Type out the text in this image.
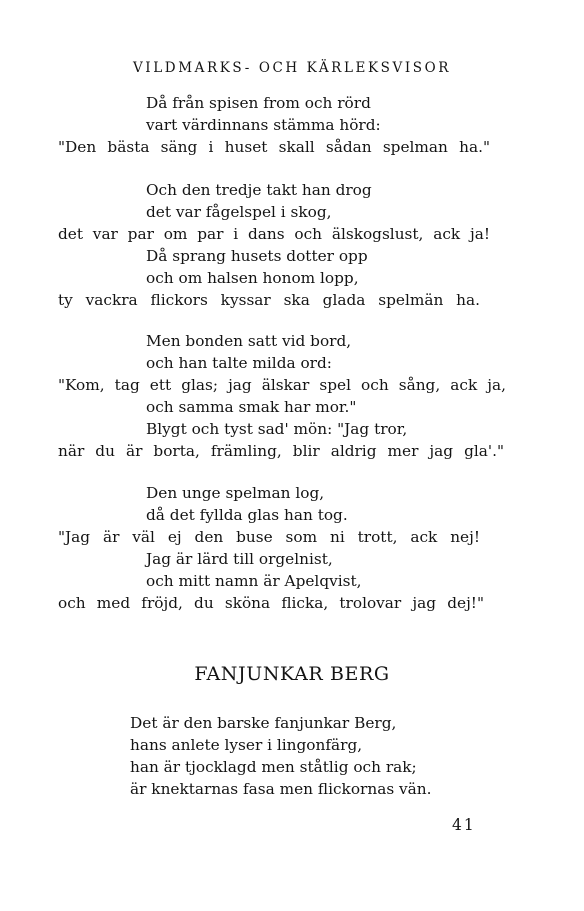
VILDMARKS- OCH KÄRLEKSVISOR
Då från spisen from och rörd
vart värdinnans stämma hörd:
"Den bästa säng i huset skall sådan spelman ha."
Och den tredje takt han drog
det var fågelspel i skog,
det var par om par i dans och älskogslust, ack ja!
Då sprang husets dotter opp
och om halsen honom lopp,
ty vackra flickors kyssar ska glada spelmän ha.
Men bonden satt vid bord,
och han talte milda ord:
"Kom, tag ett glas; jag älskar spel och sång, ack ja,
och samma smak har mor."
Blygt och tyst sad' mön: "Jag tror,
när du är borta, främling, blir aldrig mer jag gla'."
Den unge spelman log,
då det fyllda glas han tog.
"Jag är väl ej den buse som ni trott, ack nej!
Jag är lärd till orgelnist,
och mitt namn är Apelqvist,
och med fröjd, du sköna flicka, trolovar jag dej!"
FANJUNKAR BERG
Det är den barske fanjunkar Berg,
hans anlete lyser i lingonfärg,
han är tjocklagd men ståtlig och rak;
är knektarnas fasa men flickornas vän.
41
